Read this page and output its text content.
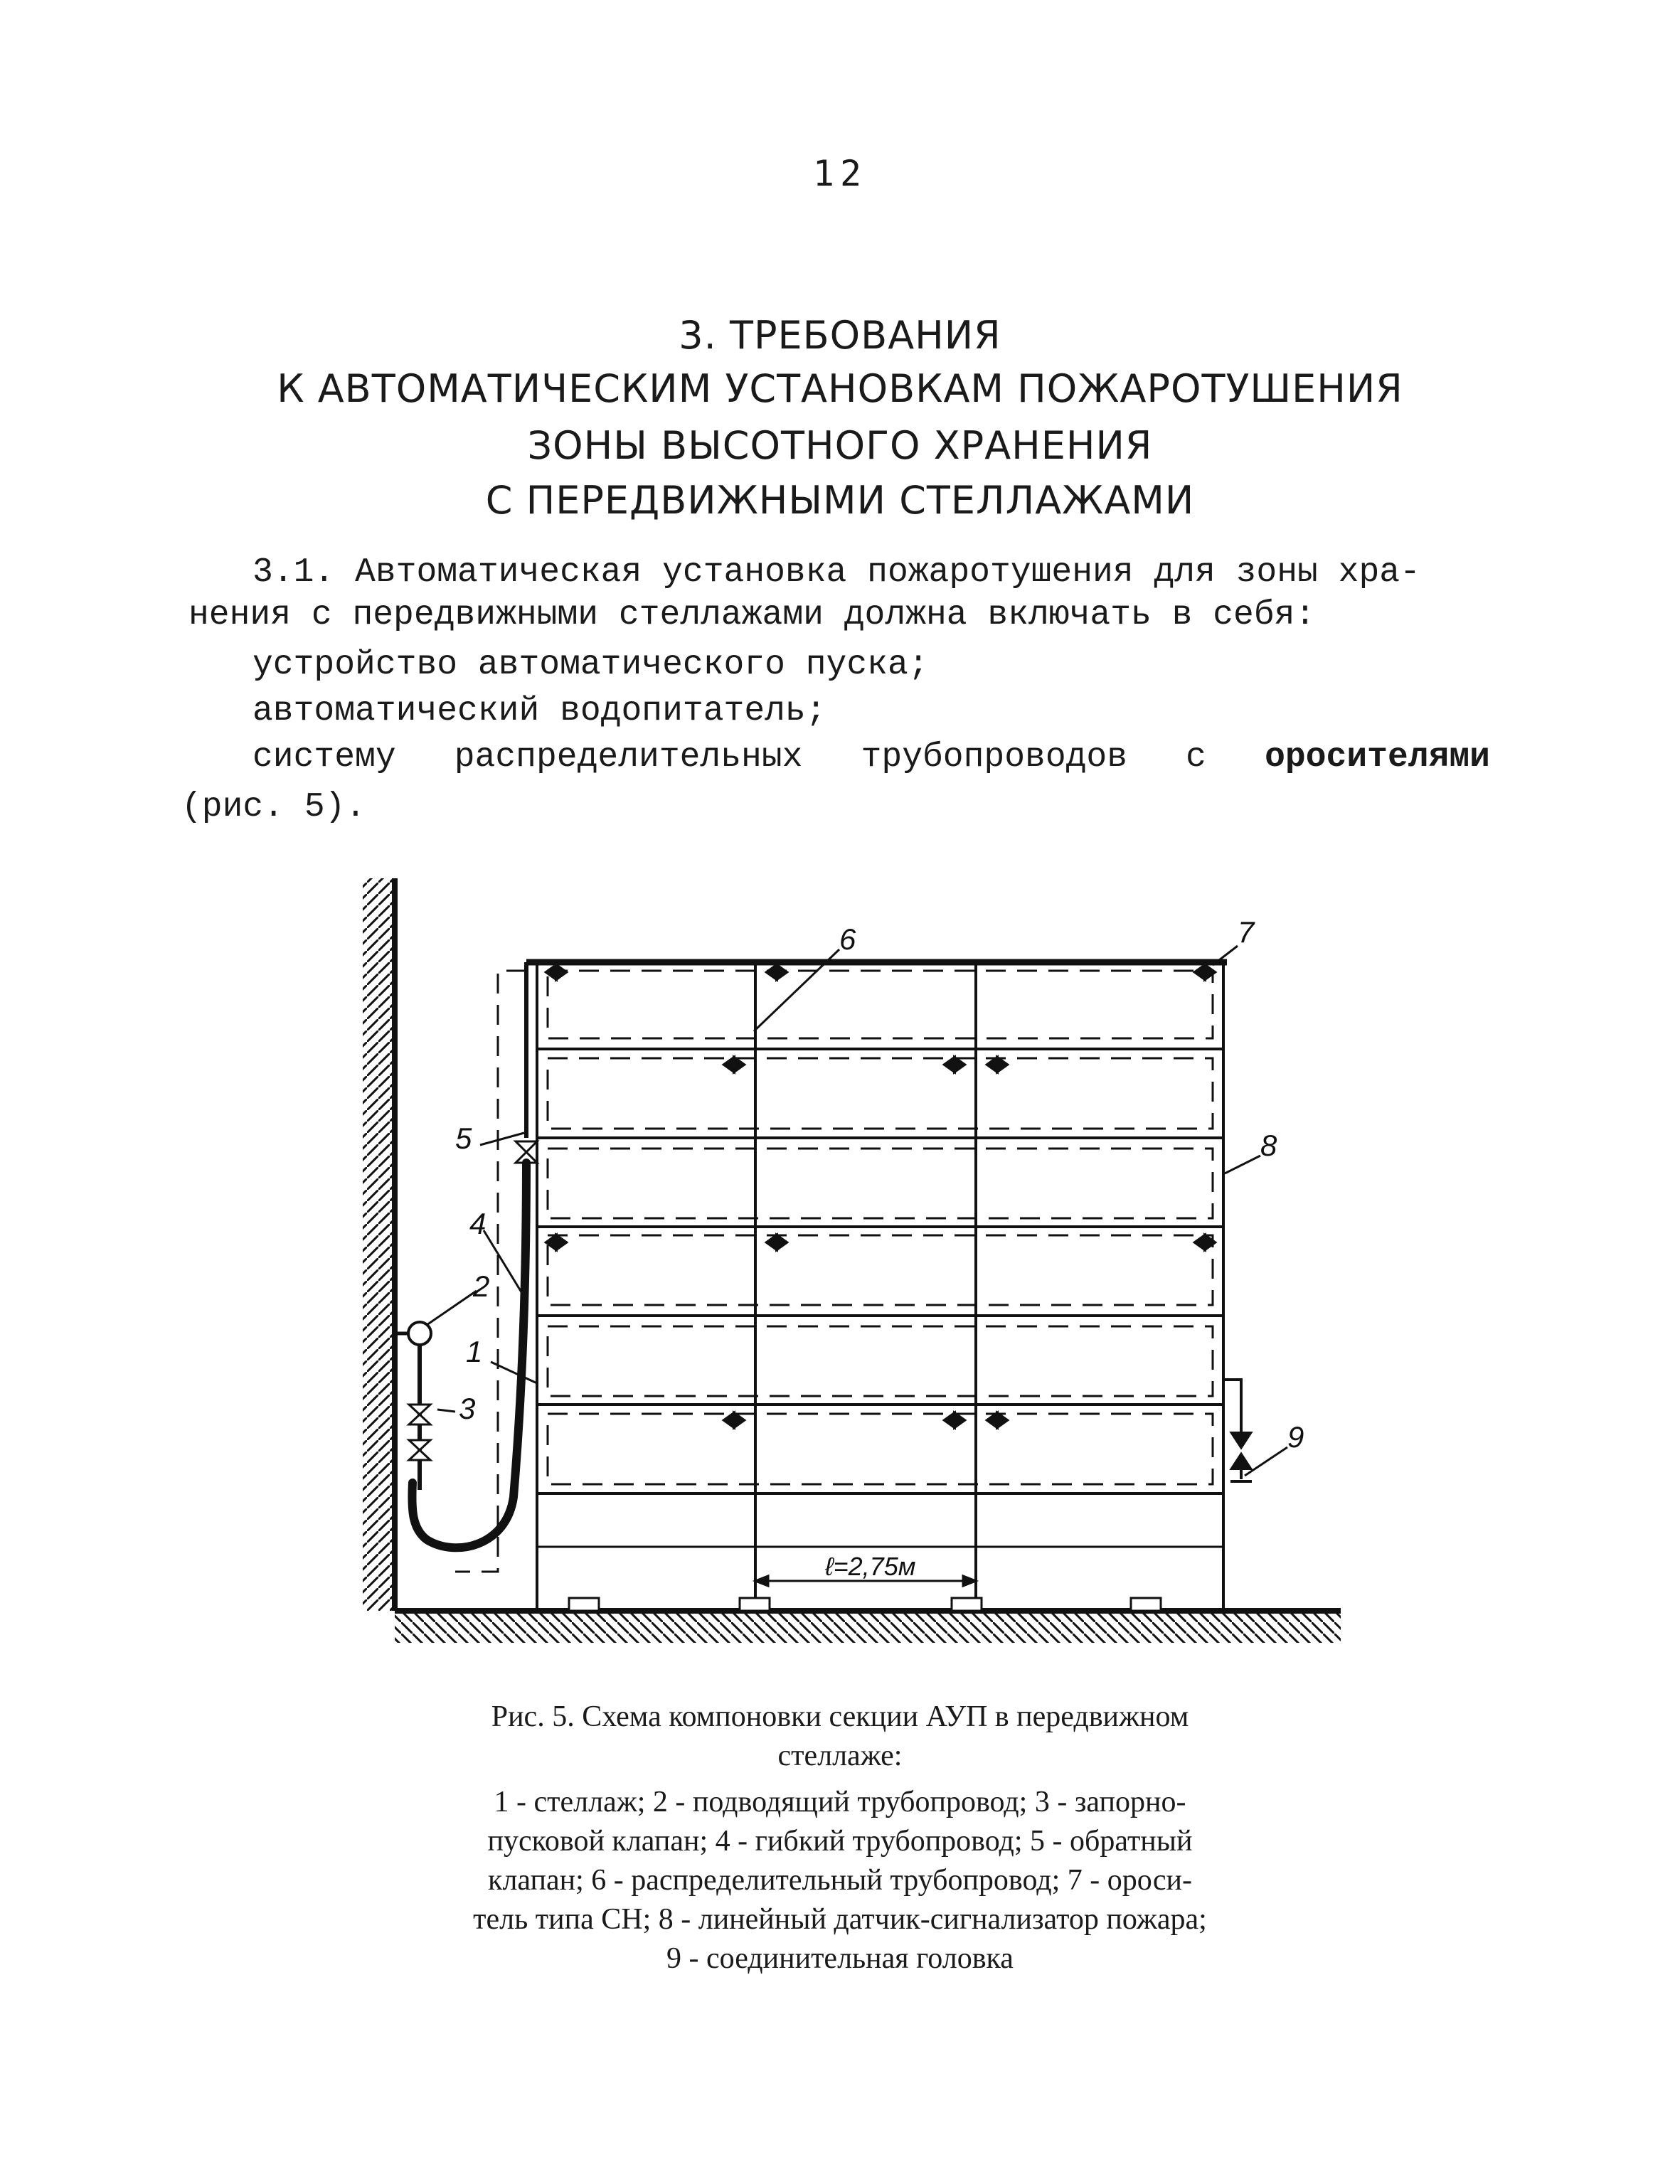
12
3. ТРЕБОВАНИЯ
К АВТОМАТИЧЕСКИМ УСТАНОВКАМ ПОЖАРОТУШЕНИЯ
ЗОНЫ ВЫСОТНОГО ХРАНЕНИЯ
С ПЕРЕДВИЖНЫМИ СТЕЛЛАЖАМИ
3.1. Автоматическая установка пожаротушения для зоны хра-
нения с передвижными стеллажами должна включать в себя:
устройство автоматического пуска;
автоматический водопитатель;
систему распределительных трубопроводов с оросителями
(рис. 5).
ℓ=2,75м
5
4
2
1
3
6	7
8
9
Рис. 5. Схема компоновки секции АУП в передвижном
стеллаже:
1 - стеллаж; 2 - подводящий трубопровод; 3 - запорно-
пусковой клапан; 4 - гибкий трубопровод; 5 - обратный
клапан; 6 - распределительный трубопровод; 7 - ороси-
тель типа СН; 8 - линейный датчик-сигнализатор пожара;
9 - соединительная головка
